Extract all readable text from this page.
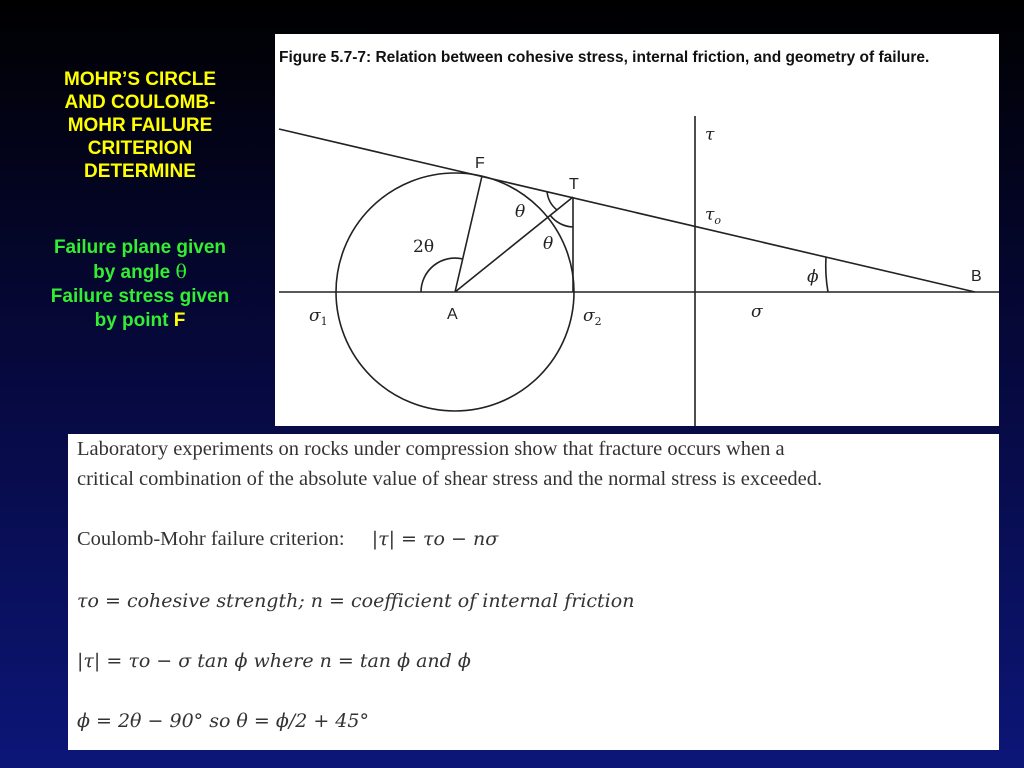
MOHR’S CIRCLE
AND COULOMB-
MOHR FAILURE
CRITERION
DETERMINE
Failure plane given
by angle θ
Failure stress given
by point F
F
T
A
B
θ
θ
2θ
ϕ
τ
$\tau_o$
$\sigma_1$	$\sigma_2$	σ
Figure 5.7-7: Relation between cohesive stress, internal friction, and geometry of failure.
Laboratory experiments on rocks under compression show that fracture occurs when a
critical combination of the absolute value of shear stress and the normal stress is exceeded.
Coulomb-Mohr failure criterion: |τ| = τo − nσ
τo = cohesive strength; n = coefficient of internal friction
|τ| = τo − σ tan ϕ where n = tan ϕ and ϕ
ϕ = 2θ − 90° so θ = ϕ/2 + 45°
